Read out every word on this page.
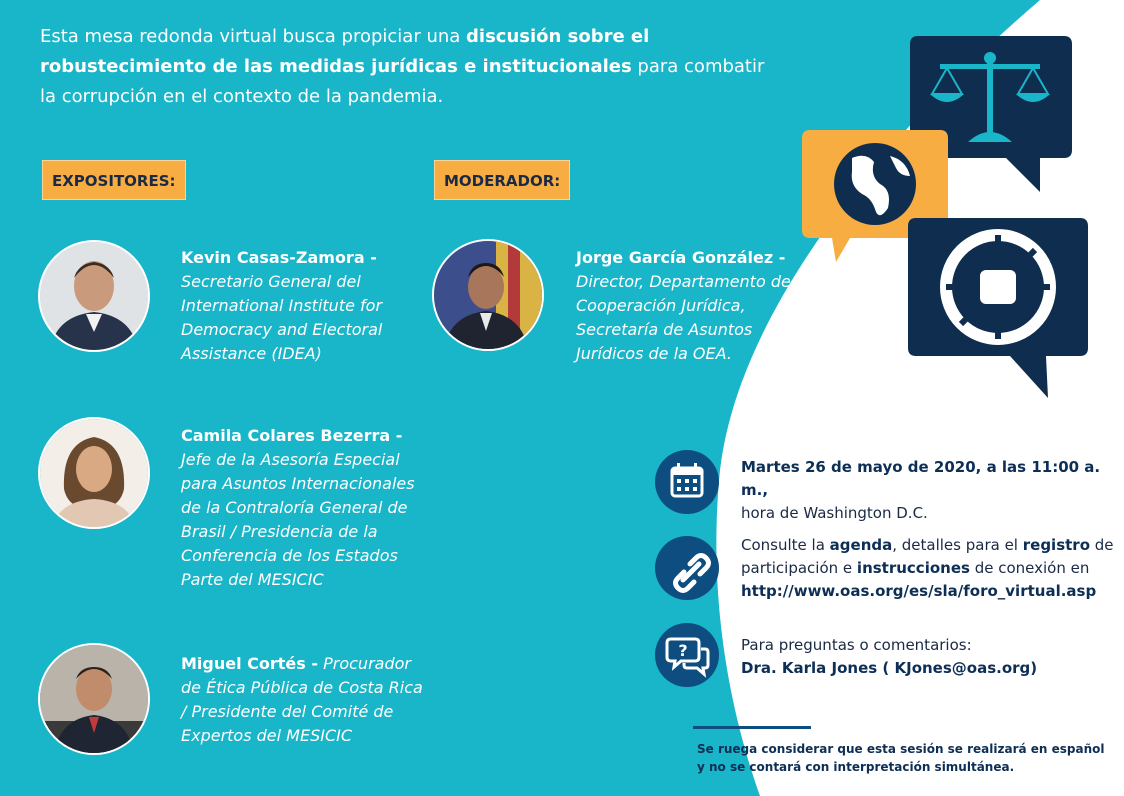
Esta mesa redonda virtual busca propiciar una discusión sobre el robustecimiento de las medidas jurídicas e institucionales para combatir la corrupción en el contexto de la pandemia.
EXPOSITORES:	MODERADOR:
Kevin Casas-Zamora -
Secretario General del International Institute for Democracy and Electoral Assistance (IDEA)
Camila Colares Bezerra -
Jefe de la Asesoría Especial para Asuntos Internacionales de la Contraloría General de Brasil / Presidencia de la Conferencia de los Estados Parte del MESICIC
Miguel Cortés - Procurador de Ética Pública de Costa Rica / Presidente del Comité de Expertos del MESICIC
Jorge García González -
Director, Departamento de Cooperación Jurídica, Secretaría de Asuntos Jurídicos de la OEA.
Martes 26 de mayo de 2020, a las 11:00 a. m.,
hora de Washington D.C.
Consulte la agenda, detalles para el registro de participación e instrucciones de conexión en
http://www.oas.org/es/sla/foro_virtual.asp
?	Para preguntas o comentarios:
Dra. Karla Jones ( KJones@oas.org)
Se ruega considerar que esta sesión se realizará en español y no se contará con interpretación simultánea.
